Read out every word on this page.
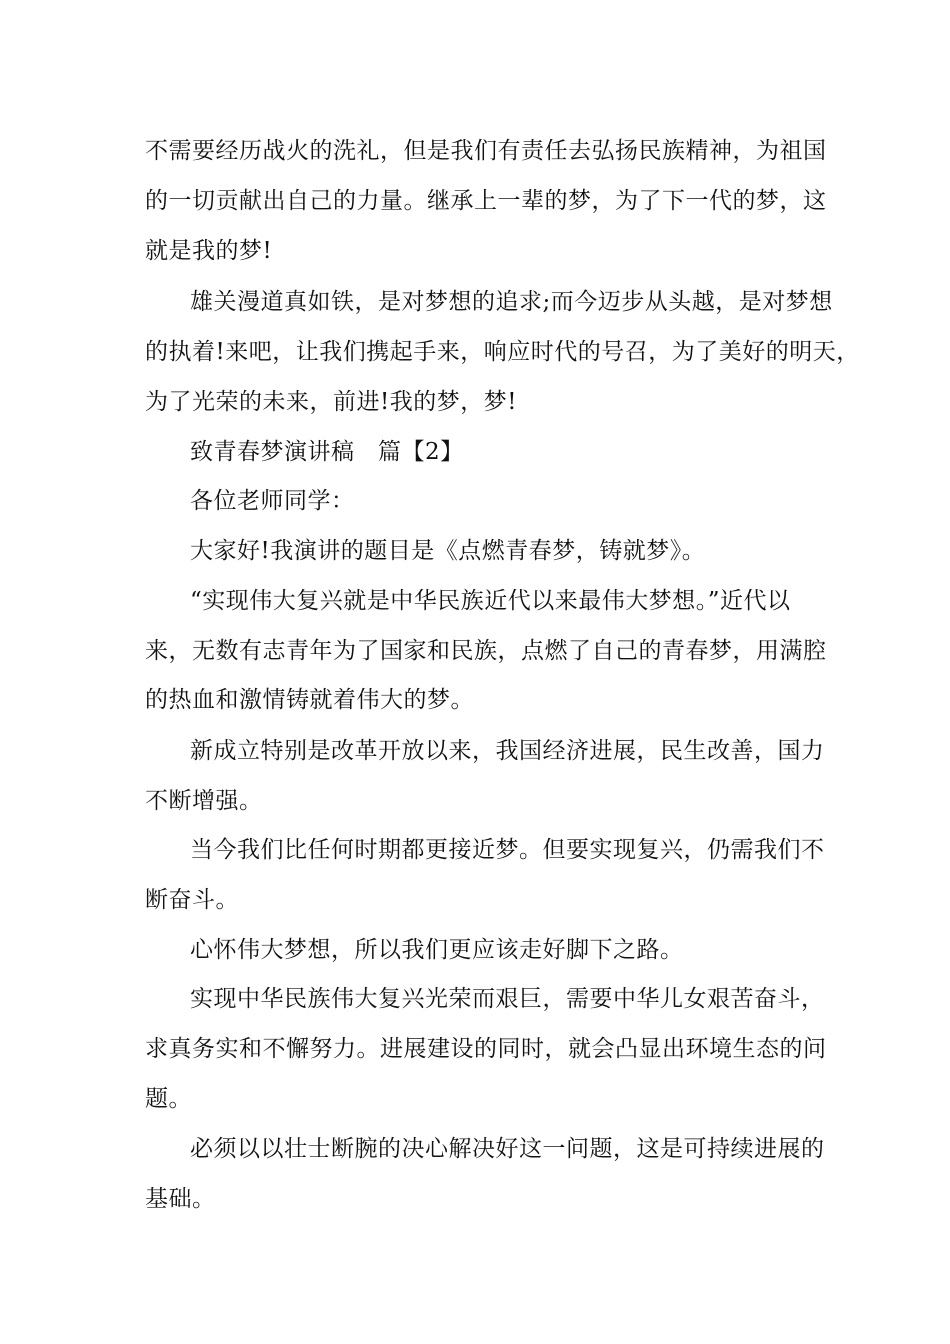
不需要经历战火的洗礼，但是我们有责任去弘扬民族精神，为祖国
的一切贡献出自己的力量。继承上一辈的梦，为了下一代的梦，这
就是我的梦!
雄关漫道真如铁，是对梦想的追求;而今迈步从头越，是对梦想
的执着!来吧，让我们携起手来，响应时代的号召，为了美好的明天，
为了光荣的未来，前进!我的梦，梦!
致青春梦演讲稿　篇【2】
各位老师同学：
大家好!我演讲的题目是《点燃青春梦，铸就梦》。
“实现伟大复兴就是中华民族近代以来最伟大梦想。”近代以
来，无数有志青年为了国家和民族，点燃了自己的青春梦，用满腔
的热血和激情铸就着伟大的梦。
新成立特别是改革开放以来，我国经济进展，民生改善，国力
不断增强。
当今我们比任何时期都更接近梦。但要实现复兴，仍需我们不
断奋斗。
心怀伟大梦想，所以我们更应该走好脚下之路。
实现中华民族伟大复兴光荣而艰巨，需要中华儿女艰苦奋斗，
求真务实和不懈努力。进展建设的同时，就会凸显出环境生态的问
题。
必须以以壮士断腕的决心解决好这一问题，这是可持续进展的
基础。
